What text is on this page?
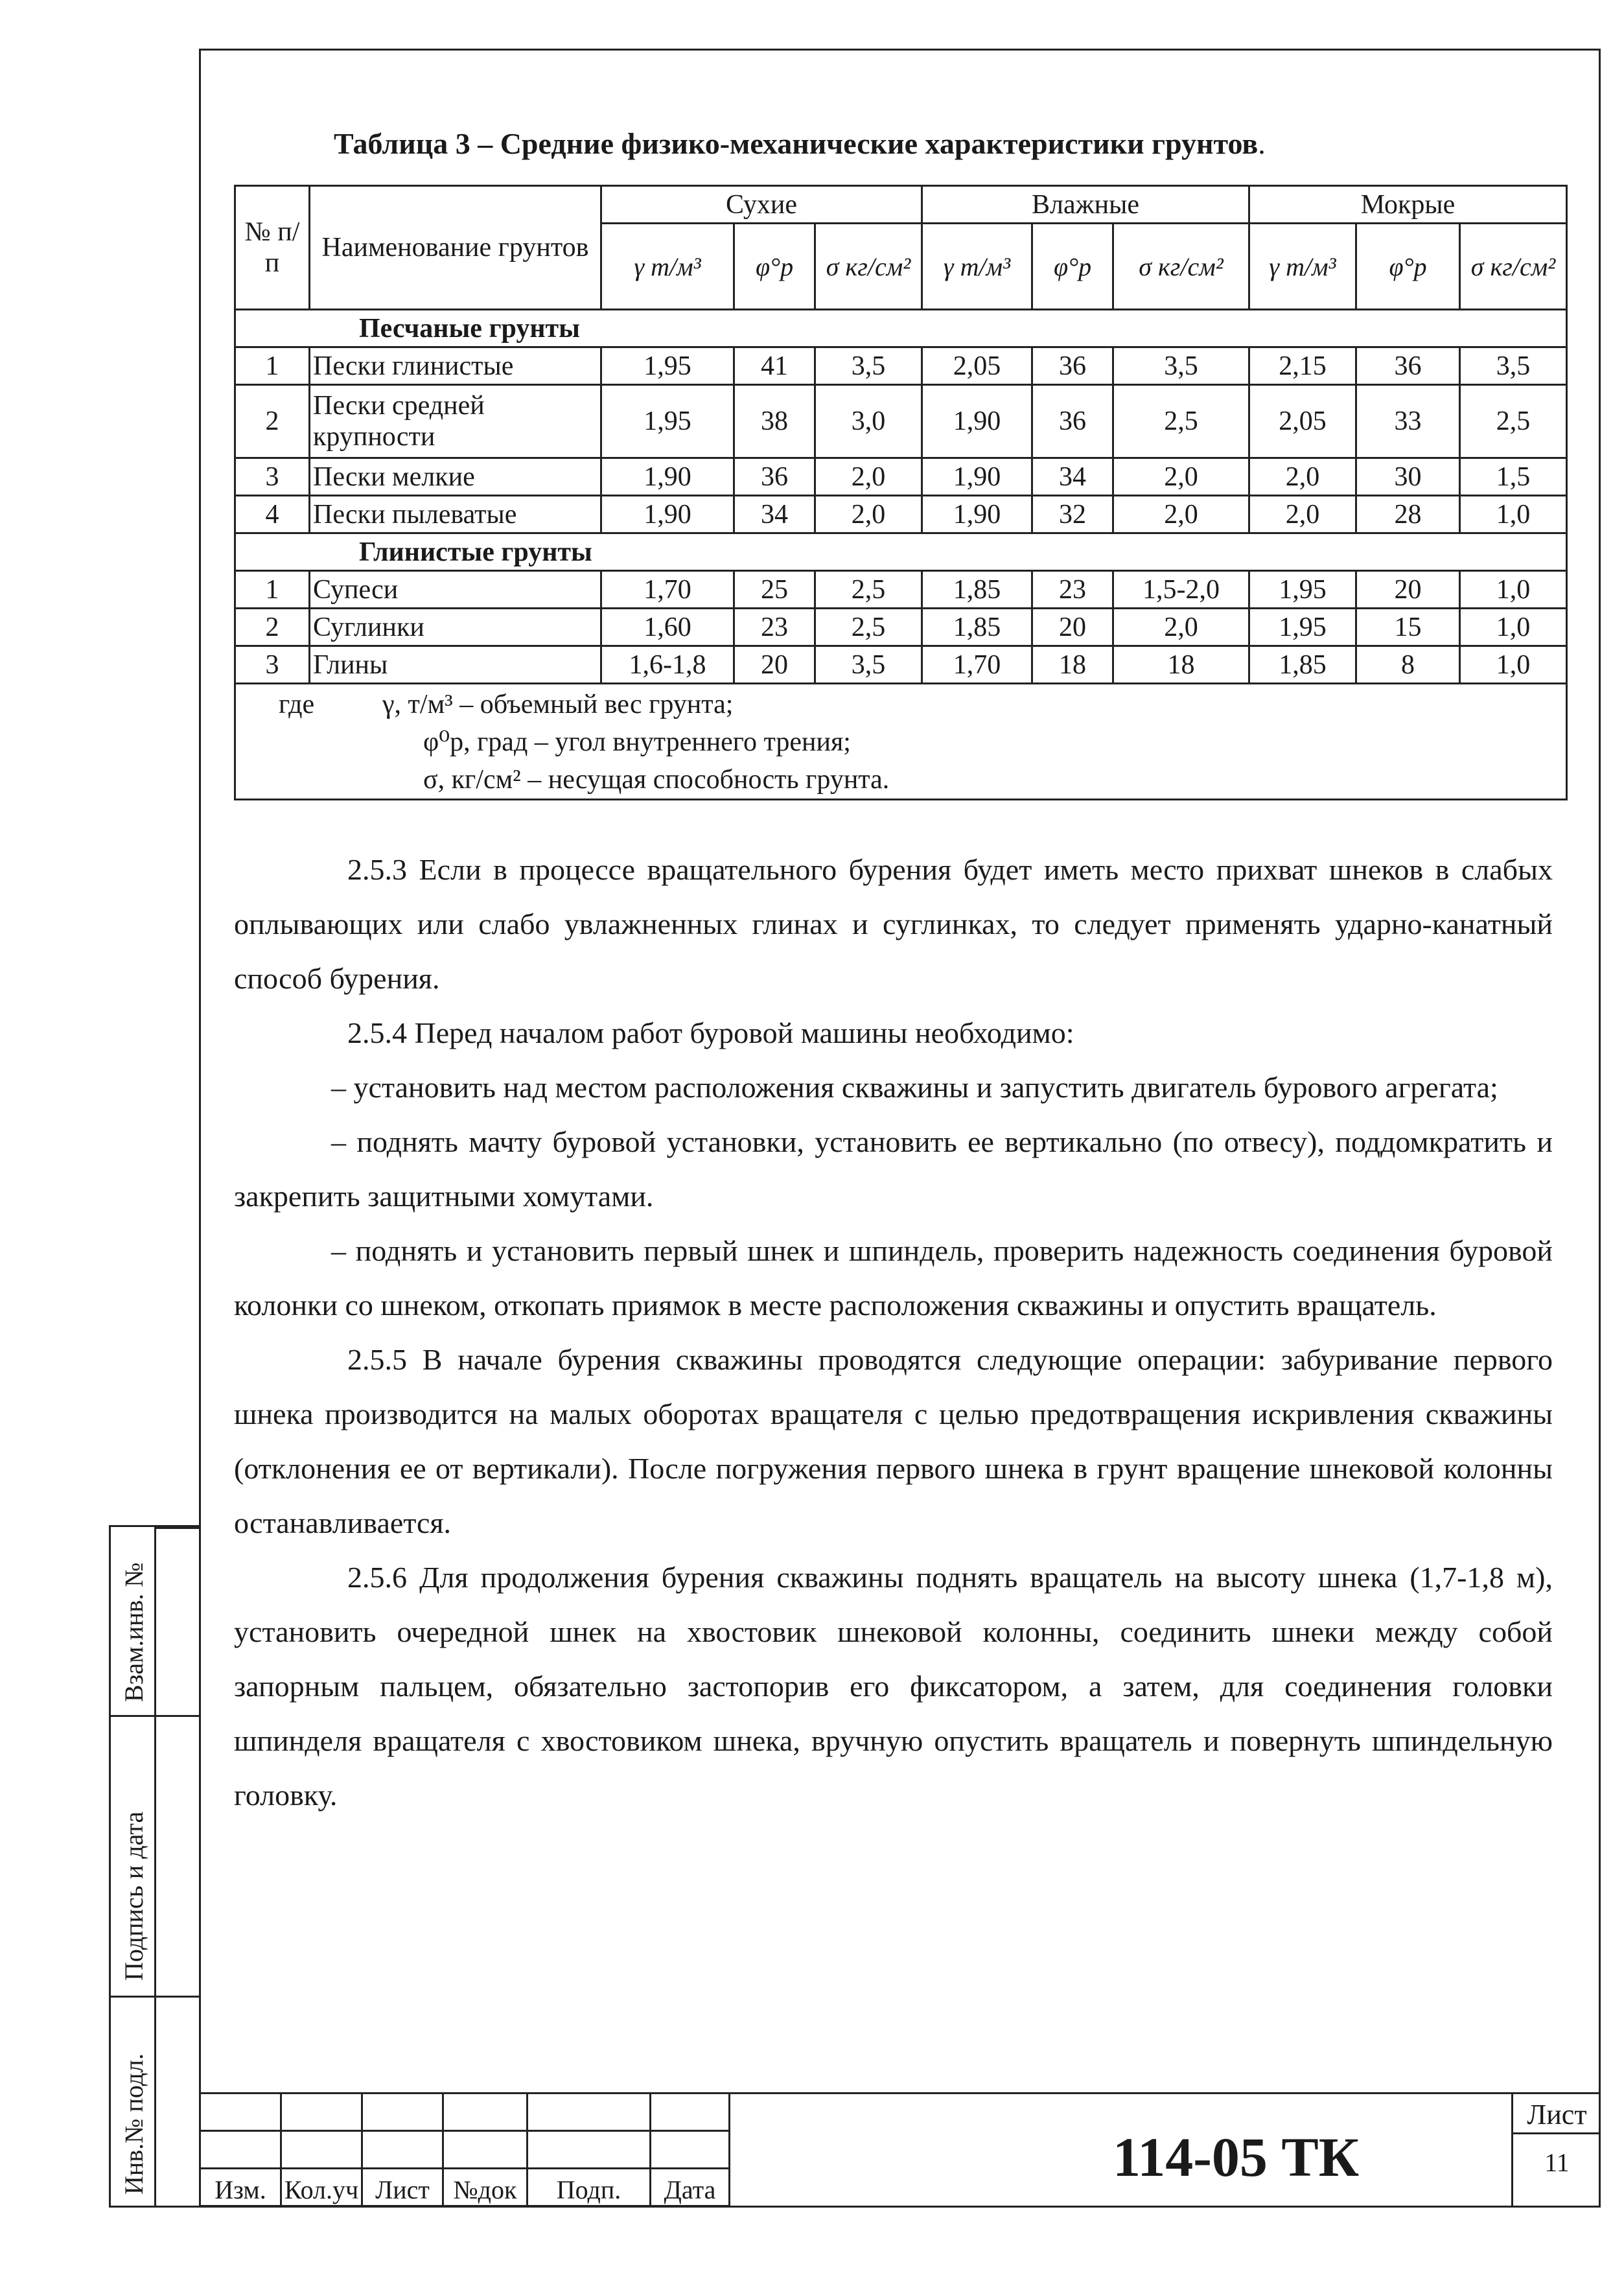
Инв.№ подл.
Подпись и дата
Взам.инв. №
Таблица 3 – Средние физико-механические характеристики грунтов.
№ п/п	Наименование грунтов	Сухие			Влажные			Мокрые		
		γ т/м³	φ°р	σ кг/см²	γ т/м³	φ°р	σ кг/см²	γ т/м³	φ°р	σ кг/см²
Песчаные грунты										
1	Пески глинистые	1,95	41	3,5	2,05	36	3,5	2,15	36	3,5
2	Пески средней крупности	1,95	38	3,0	1,90	36	2,5	2,05	33	2,5
3	Пески мелкие	1,90	36	2,0	1,90	34	2,0	2,0	30	1,5
4	Пески пылеватые	1,90	34	2,0	1,90	32	2,0	2,0	28	1,0
Глинистые грунты										
1	Супеси	1,70	25	2,5	1,85	23	1,5-2,0	1,95	20	1,0
2	Суглинки	1,60	23	2,5	1,85	20	2,0	1,95	15	1,0
3	Глины	1,6-1,8	20	3,5	1,70	18	18	1,85	8	1,0

где γ, т/м³ – объемный вес грунта;
φ⁰р, град – угол внутреннего трения;
σ, кг/см² – несущая способность грунта.										

2.5.3 Если в процессе вращательного бурения будет иметь место прихват шнеков в слабых оплывающих или слабо увлажненных глинах и суглинках, то следует применять ударно-канатный способ бурения.

2.5.4 Перед началом работ буровой машины необходимо:

– установить над местом расположения скважины и запустить двигатель бурового агрегата;

– поднять мачту буровой установки, установить ее вертикально (по отвесу), поддомкратить и закрепить защитными хомутами.

– поднять и установить первый шнек и шпиндель, проверить надежность соединения буровой колонки со шнеком, откопать приямок в месте расположения скважины и опустить вращатель.

2.5.5 В начале бурения скважины проводятся следующие операции: забуривание первого шнека производится на малых оборотах вращателя с целью предотвращения искривления скважины (отклонения ее от вертикали). После погружения первого шнека в грунт вращение шнековой колонны останавливается.

2.5.6 Для продолжения бурения скважины поднять вращатель на высоту шнека (1,7-1,8 м), установить очередной шнек на хвостовик шнековой колонны, соединить шнеки между собой запорным пальцем, обязательно застопорив его фиксатором, а затем, для соединения головки шпинделя вращателя с хвостовиком шнека, вручную опустить вращатель и повернуть шпиндельную головку.

Изм.	Кол.уч	Лист	№док	Подп.	Дата
114-05 ТК
Лист
11
